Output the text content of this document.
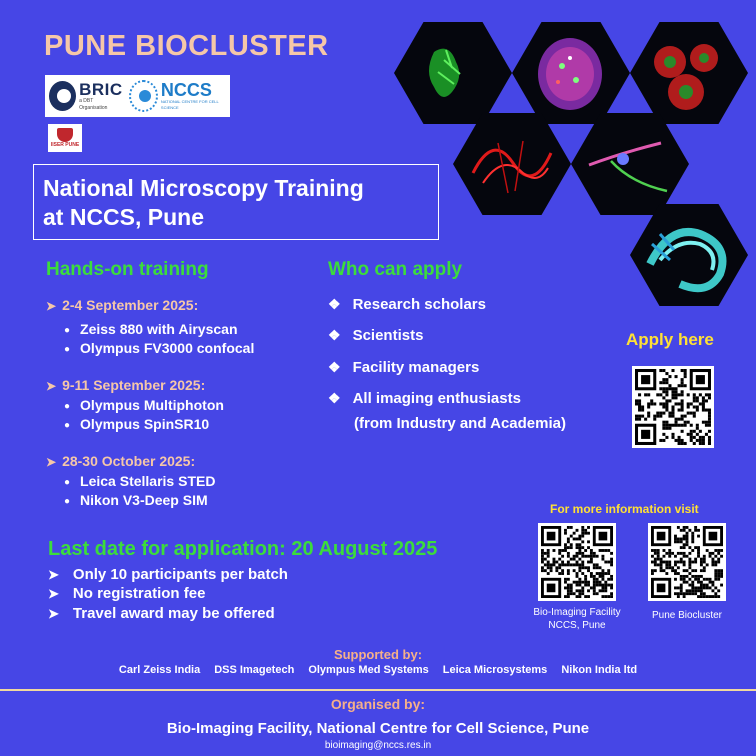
PUNE BIOCLUSTER
BRIC
a DBT Organisation
NCCS
NATIONAL CENTRE FOR CELL SCIENCE
IISER PUNE
National Microscopy Training
at NCCS, Pune
Hands-on training
➤ 2-4 September 2025:
● Zeiss 880 with Airyscan
● Olympus FV3000 confocal
➤ 9-11 September 2025:
● Olympus Multiphoton
● Olympus SpinSR10
➤ 28-30 October 2025:
● Leica Stellaris STED
● Nikon V3-Deep SIM
Who can apply
❖ Research scholars
❖ Scientists
❖ Facility managers
❖ All imaging enthusiasts
(from Industry and Academia)
Apply here
For more information visit
Bio-Imaging Facility
NCCS, Pune
Pune Biocluster
Last date for application: 20 August 2025
➤ Only 10 participants per batch
➤ No registration fee
➤ Travel award may be offered
Supported by:
Carl Zeiss India DSS Imagetech Olympus Med Systems Leica Microsystems Nikon India ltd
Organised by:
Bio-Imaging Facility, National Centre for Cell Science, Pune
bioimaging@nccs.res.in
